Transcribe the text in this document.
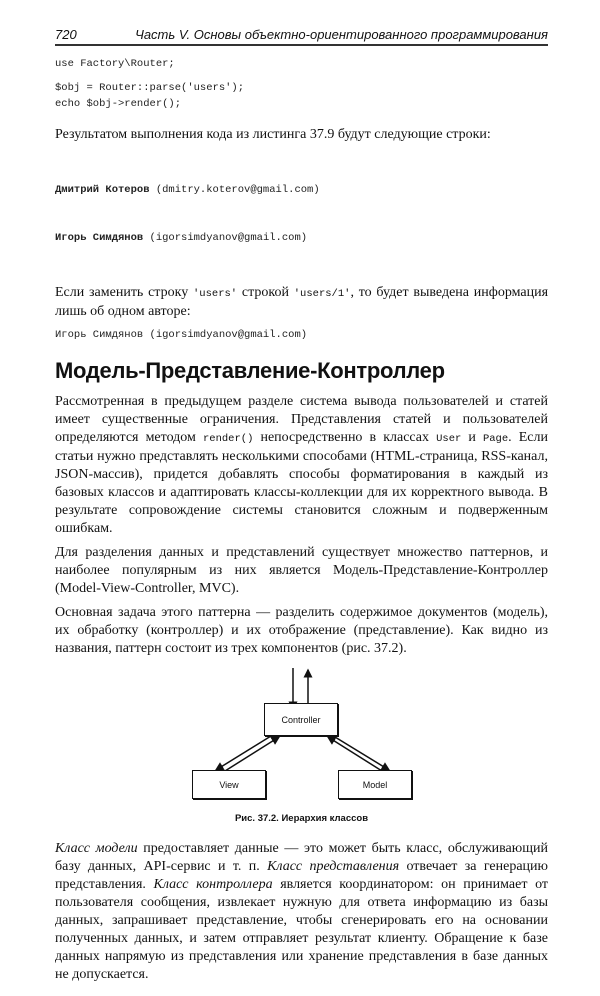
720	Часть V. Основы объектно-ориентированного программирования
use Factory\Router;
$obj = Router::parse('users');
echo $obj->render();
Результатом выполнения кода из листинга 37.9 будут следующие строки:

Дмитрий Котеров (dmitry.koterov@gmail.com)

Игорь Симдянов (igorsimdyanov@gmail.com)

Если заменить строку 'users' строкой 'users/1', то будет выведена информация лишь об одном авторе:
Игорь Симдянов (igorsimdyanov@gmail.com)
Модель-Представление-Контроллер
Рассмотренная в предыдущем разделе система вывода пользователей и статей имеет существенные ограничения. Представления статей и пользователей определяются методом render() непосредственно в классах User и Page. Если статьи нужно представлять несколькими способами (HTML-страница, RSS-канал, JSON-массив), придется добавлять способы форматирования в каждый из базовых классов и адаптировать классы-коллекции для их корректного вывода. В результате сопровождение системы становится сложным и подверженным ошибкам.
Для разделения данных и представлений существует множество паттернов, и наиболее популярным из них является Модель-Представление-Контроллер (Model-View-Controller, MVC).
Основная задача этого паттерна — разделить содержимое документов (модель), их обработку (контроллер) и их отображение (представление). Как видно из названия, паттерн состоит из трех компонентов (рис. 37.2).
Controller
View	Model
Рис. 37.2. Иерархия классов
Класс модели предоставляет данные — это может быть класс, обслуживающий базу данных, API-сервис и т. п. Класс представления отвечает за генерацию представления. Класс контроллера является координатором: он принимает от пользователя сообщения, извлекает нужную для ответа информацию из базы данных, запрашивает представление, чтобы сгенерировать его на основании полученных данных, и затем отправляет результат клиенту. Обращение к базе данных напрямую из представления или хранение представления в базе данных не допускается.
